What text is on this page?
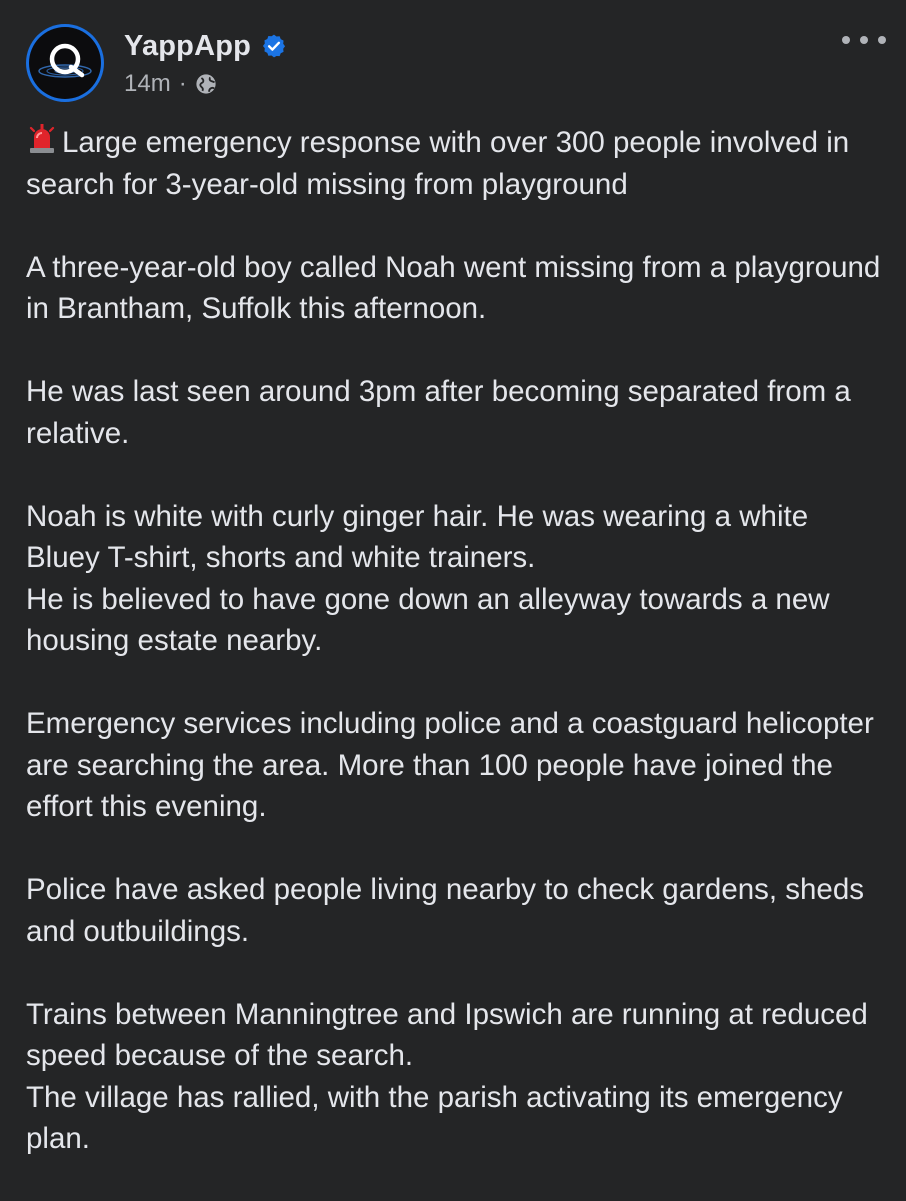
YappApp
14m ·

Large emergency response with over 300 people involved in search for 3-year-old missing from playground

A three-year-old boy called Noah went missing from a playground in Brantham, Suffolk this afternoon.

He was last seen around 3pm after becoming separated from a relative.

Noah is white with curly ginger hair. He was wearing a white Bluey T-shirt, shorts and white trainers.
He is believed to have gone down an alleyway towards a new housing estate nearby.

Emergency services including police and a coastguard helicopter are searching the area. More than 100 people have joined the effort this evening.

Police have asked people living nearby to check gardens, sheds and outbuildings.

Trains between Manningtree and Ipswich are running at reduced speed because of the search.
The village has rallied, with the parish activating its emergency plan.
